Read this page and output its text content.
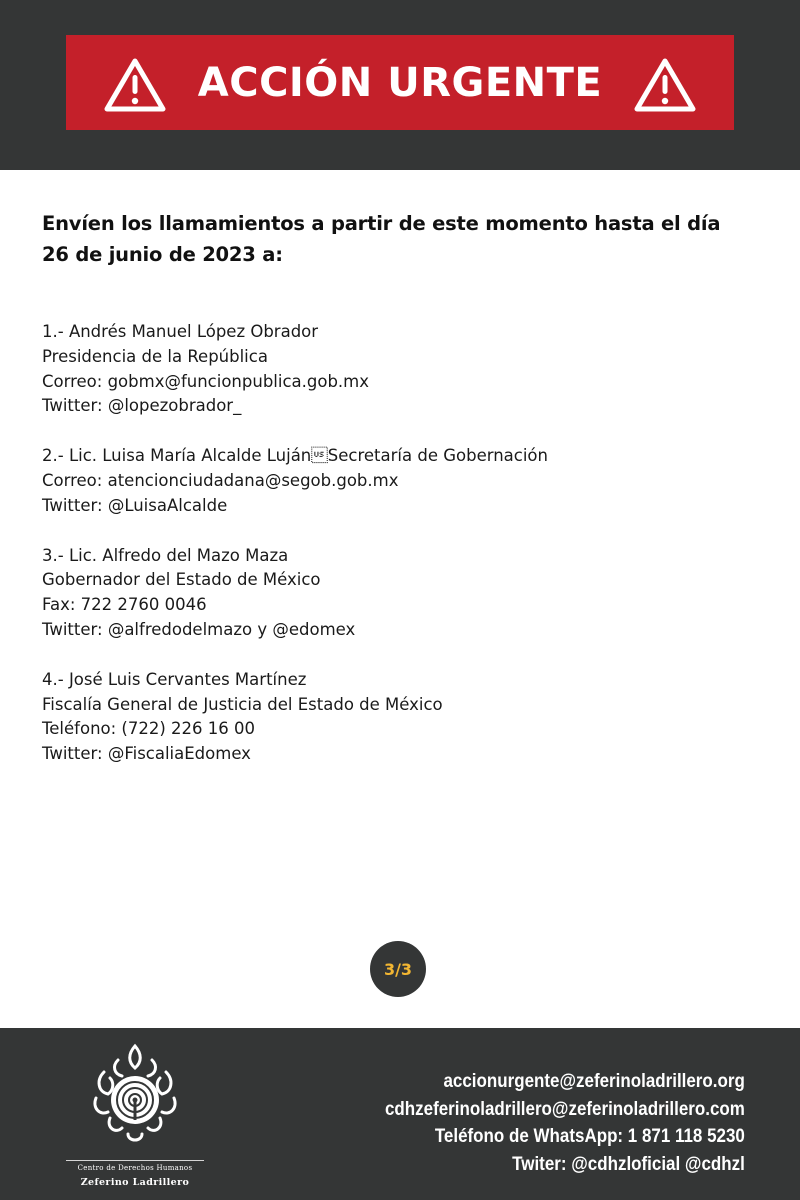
ACCIÓN URGENTE
Envíen los llamamientos a partir de este momento hasta el día
26 de junio de 2023 a:
1.- Andrés Manuel López Obrador
Presidencia de la República
Correo: gobmx@funcionpublica.gob.mx
Twitter: @lopezobrador_
2.- Lic. Luisa María Alcalde LujánSecretaría de Gobernación
Correo: atencionciudadana@segob.gob.mx
Twitter: @LuisaAlcalde
3.- Lic. Alfredo del Mazo Maza
Gobernador del Estado de México
Fax: 722 2760 0046
Twitter: @alfredodelmazo y @edomex
4.- José Luis Cervantes Martínez
Fiscalía General de Justicia del Estado de México
Teléfono: (722) 226 16 00
Twitter: @FiscaliaEdomex
3/3
Centro de Derechos Humanos
Zeferino Ladrillero
accionurgente@zeferinoladrillero.org
cdhzeferinoladrillero@zeferinoladrillero.com
Teléfono de WhatsApp: 1 871 118 5230
Twiter: @cdhzloficial @cdhzl
